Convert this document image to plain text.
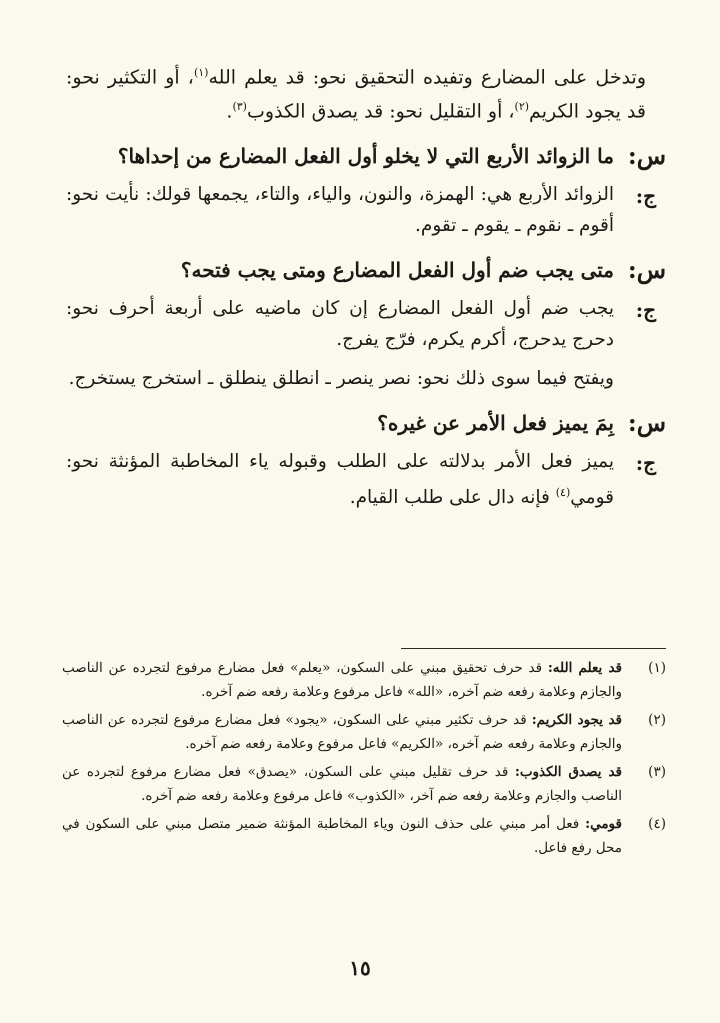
وتدخل على المضارع وتفيده التحقيق نحو: قد يعلم الله$^{(١)}$، أو التكثير نحو: قد يجود الكريم$^{(٢)}$، أو التقليل نحو: قد يصدق الكذوب$^{(٣)}$.
س:
ما الزوائد الأربع التي لا يخلو أول الفعل المضارع من إحداها؟
ج:

الزوائد الأربع هي: الهمزة، والنون، والياء، والتاء، يجمعها قولك: نأيت نحو: أقوم ـ نقوم ـ يقوم ـ تقوم.

س:
متى يجب ضم أول الفعل المضارع ومتى يجب فتحه؟
ج:

يجب ضم أول الفعل المضارع إن كان ماضيه على أربعة أحرف نحو: دحرج يدحرج، أكرم يكرم، فرّج يفرج.

ويفتح فيما سوى ذلك نحو: نصر ينصر ـ انطلق ينطلق ـ استخرج يستخرج.

س:
بِمَ يميز فعل الأمر عن غيره؟
ج:

يميز فعل الأمر بدلالته على الطلب وقبوله ياء المخاطبة المؤنثة نحو: قومي$^{(٤)}$ فإنه دال على طلب القيام.

(١)
قد يعلم الله: قد حرف تحقيق مبني على السكون، «يعلم» فعل مضارع مرفوع لتجرده عن الناصب والجازم وعلامة رفعه ضم آخره، «الله» فاعل مرفوع وعلامة رفعه ضم آخره.
(٢)
قد يجود الكريم: قد حرف تكثير مبني على السكون، «يجود» فعل مضارع مرفوع لتجرده عن الناصب والجازم وعلامة رفعه ضم آخره، «الكريم» فاعل مرفوع وعلامة رفعه ضم آخره.
(٣)
قد يصدق الكذوب: قد حرف تقليل مبني على السكون، «يصدق» فعل مضارع مرفوع لتجرده عن الناصب والجازم وعلامة رفعه ضم آخر، «الكذوب» فاعل مرفوع وعلامة رفعه ضم آخره.
(٤)
قومي: فعل أمر مبني على حذف النون وياء المخاطبة المؤنثة ضمير متصل مبني على السكون في محل رفع فاعل.
١٥
